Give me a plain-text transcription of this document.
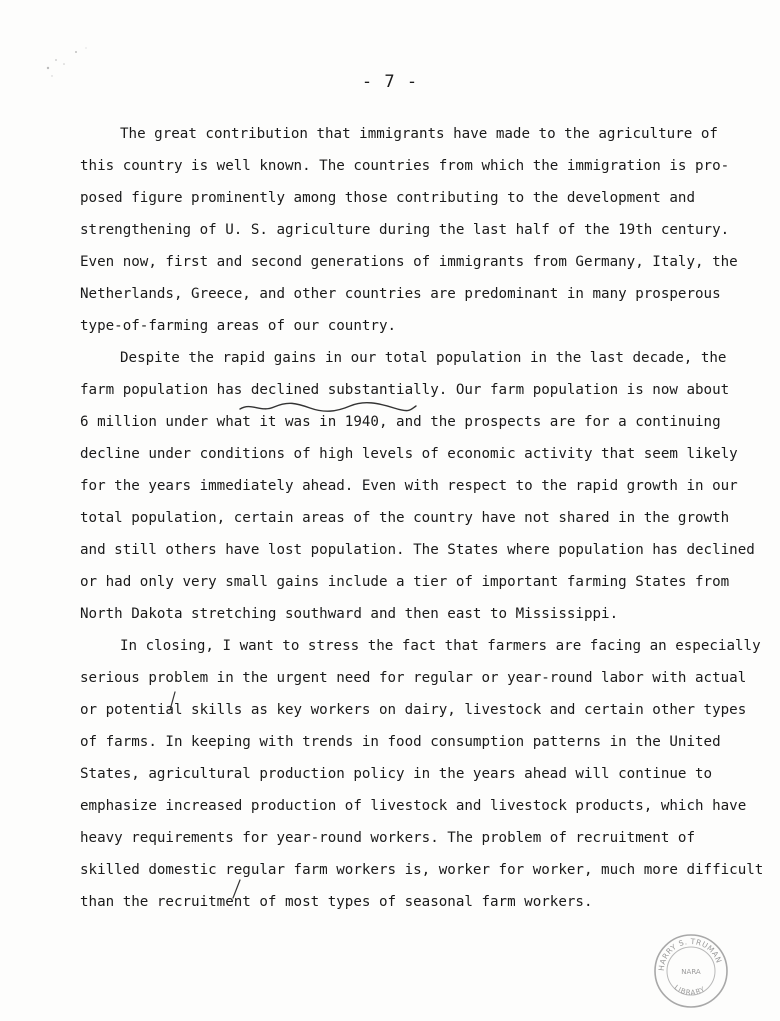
- 7 -
The great contribution that immigrants have made to the agriculture of
this country is well known. The countries from which the immigration is pro-
posed figure prominently among those contributing to the development and
strengthening of U. S. agriculture during the last half of the 19th century.
Even now, first and second generations of immigrants from Germany, Italy, the
Netherlands, Greece, and other countries are predominant in many prosperous
type-of-farming areas of our country.
Despite the rapid gains in our total population in the last decade, the
farm population has declined substantially. Our farm population is now about
6 million under what it was in 1940, and the prospects are for a continuing
decline under conditions of high levels of economic activity that seem likely
for the years immediately ahead. Even with respect to the rapid growth in our
total population, certain areas of the country have not shared in the growth
and still others have lost population. The States where population has declined
or had only very small gains include a tier of important farming States from
North Dakota stretching southward and then east to Mississippi.
In closing, I want to stress the fact that farmers are facing an especially
serious problem in the urgent need for regular or year-round labor with actual
or potential skills as key workers on dairy, livestock and certain other types
of farms. In keeping with trends in food consumption patterns in the United
States, agricultural production policy in the years ahead will continue to
emphasize increased production of livestock and livestock products, which have
heavy requirements for year-round workers. The problem of recruitment of
skilled domestic regular farm workers is, worker for worker, much more difficult
than the recruitment of most types of seasonal farm workers.
HARRY S. TRUMAN
LIBRARY
NARA
